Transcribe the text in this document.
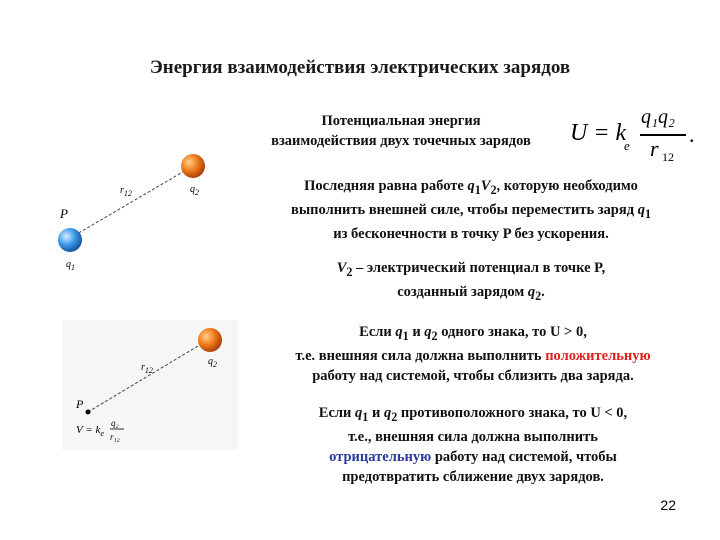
Энергия взаимодействия электрических зарядов
Потенциальная энергия
взаимодействия двух точечных зарядов	U = k
e
q₁q₂
r 12
.
P
$q_1$
$q_2$
$r_{12}$	Последняя равна работе $q_1V_2$, которую необходимо
выполнить внешней силе, чтобы переместить заряд $q_1$
из бесконечности в точку P без ускорения.
$V_2$ – электрический потенциал в точке P,
созданный зарядом $q_2$.
P
$q_2$
$r_{12}$
$V = k_e$
q₂
r₁₂
Если $q_1$ и $q_2$ одного знака, то U > 0,
т.е. внешняя сила должна выполнить положительную
работу над системой, чтобы сблизить два заряда.
Если $q_1$ и $q_2$ противоположного знака, то U < 0,
т.е., внешняя сила должна выполнить
отрицательную работу над системой, чтобы
предотвратить сближение двух зарядов.
22
